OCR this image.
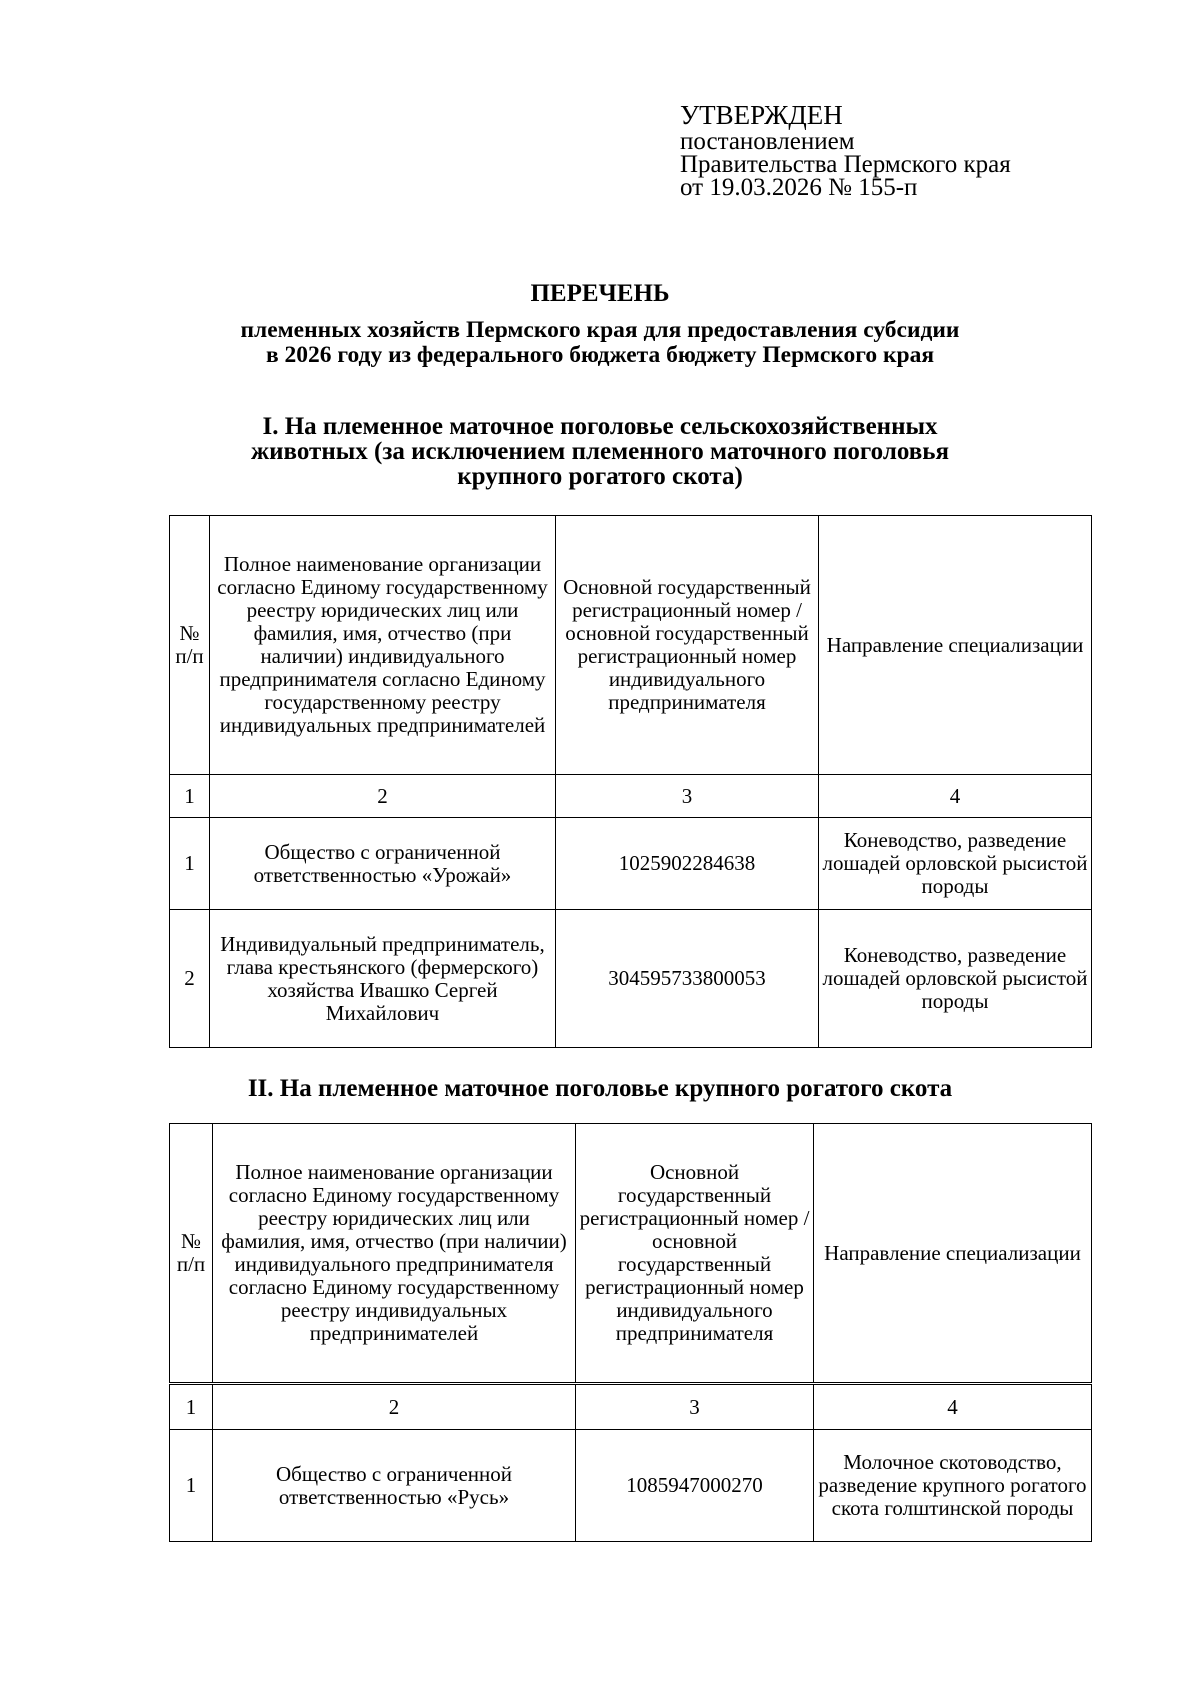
УТВЕРЖДЕН
постановлением
Правительства Пермского края
от 19.03.2026 № 155-п
ПЕРЕЧЕНЬ
племенных хозяйств Пермского края для предоставления субсидии
в 2026 году из федерального бюджета бюджету Пермского края
I. На племенное маточное поголовье сельскохозяйственных
животных (за исключением племенного маточного поголовья
крупного рогатого скота)
№ п/п	Полное наименование организации согласно Единому государственному реестру юридических лиц или фамилия, имя, отчество (при наличии) индивидуального предпринимателя согласно Единому государственному реестру индивидуальных предпринимателей	Основной государственный регистрационный номер / основной государственный регистрационный номер индивидуального предпринимателя	Направление специализации
1	2	3	4
1	Общество с ограниченной ответственностью «Урожай»	1025902284638	Коневодство, разведение лошадей орловской рысистой породы
2	Индивидуальный предприниматель, глава крестьянского (фермерского) хозяйства Ивашко Сергей Михайлович	304595733800053	Коневодство, разведение лошадей орловской рысистой породы
II. На племенное маточное поголовье крупного рогатого скота
№ п/п	Полное наименование организации согласно Единому государственному реестру юридических лиц или фамилия, имя, отчество (при наличии) индивидуального предпринимателя согласно Единому государственному реестру индивидуальных предпринимателей	Основной государственный регистрационный номер / основной государственный регистрационный номер индивидуального предпринимателя	Направление специализации
1	2	3	4
1	Общество с ограниченной ответственностью «Русь»	1085947000270	Молочное скотоводство, разведение крупного рогатого скота голштинской породы
